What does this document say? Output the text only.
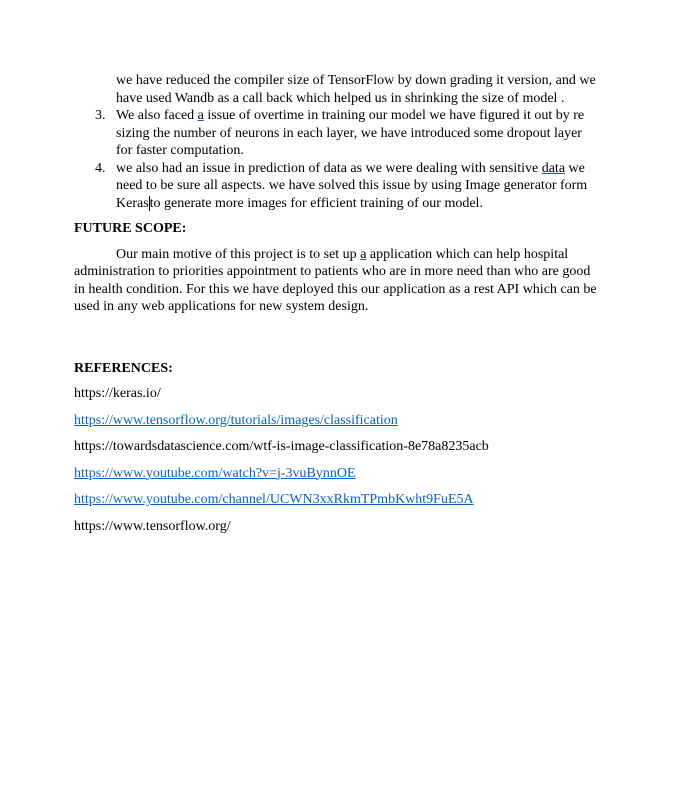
we have reduced the compiler size of TensorFlow by down grading it version, and we have used Wandb as a call back which helped us in shrinking the size of model .
3. We also faced a issue of overtime in training our model we have figured it out by re sizing the number of neurons in each layer, we have introduced some dropout layer for faster computation.
4. we also had an issue in prediction of data as we were dealing with sensitive data we need to be sure all aspects. we have solved this issue by using Image generator form Kerasto generate more images for efficient training of our model.
FUTURE SCOPE:
Our main motive of this project is to set up a application which can help hospital administration to priorities appointment to patients who are in more need than who are good in health condition. For this we have deployed this our application as a rest API which can be used in any web applications for new system design.
REFERENCES:
https://keras.io/
https://www.tensorflow.org/tutorials/images/classification
https://towardsdatascience.com/wtf-is-image-classification-8e78a8235acb
https://www.youtube.com/watch?v=j-3vuBynnOE
https://www.youtube.com/channel/UCWN3xxRkmTPmbKwht9FuE5A
https://www.tensorflow.org/
